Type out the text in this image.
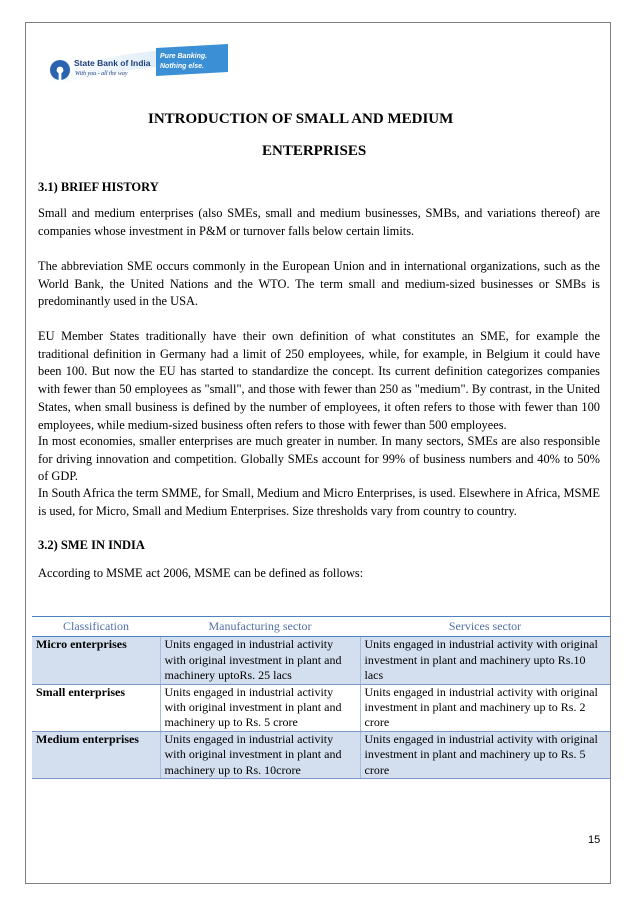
State Bank of India
With you - all the way
Pure Banking.
Nothing else.
INTRODUCTION OF SMALL AND MEDIUM
ENTERPRISES
3.1) BRIEF HISTORY

Small and medium enterprises (also SMEs, small and medium businesses, SMBs, and variations thereof) are companies whose investment in P&M or turnover falls below certain limits.

The abbreviation SME occurs commonly in the European Union and in international organizations, such as the World Bank, the United Nations and the WTO. The term small and medium-sized businesses or SMBs is predominantly used in the USA.

EU Member States traditionally have their own definition of what constitutes an SME, for example the traditional definition in Germany had a limit of 250 employees, while, for example, in Belgium it could have been 100. But now the EU has started to standardize the concept. Its current definition categorizes companies with fewer than 50 employees as "small", and those with fewer than 250 as "medium". By contrast, in the United States, when small business is defined by the number of employees, it often refers to those with fewer than 100 employees, while medium-sized business often refers to those with fewer than 500 employees.

In most economies, smaller enterprises are much greater in number. In many sectors, SMEs are also responsible for driving innovation and competition. Globally SMEs account for 99% of business numbers and 40% to 50% of GDP.

In South Africa the term SMME, for Small, Medium and Micro Enterprises, is used. Elsewhere in Africa, MSME is used, for Micro, Small and Medium Enterprises. Size thresholds vary from country to country.

3.2) SME IN INDIA

According to MSME act 2006, MSME can be defined as follows:

Classification	Manufacturing sector	Services sector
Micro enterprises	Units engaged in industrial activity with original investment in plant and machinery uptoRs. 25 lacs	Units engaged in industrial activity with original investment in plant and machinery upto Rs.10 lacs
Small enterprises	Units engaged in industrial activity with original investment in plant and machinery up to Rs. 5 crore	Units engaged in industrial activity with original investment in plant and machinery up to Rs. 2 crore
Medium enterprises	Units engaged in industrial activity with original investment in plant and machinery up to Rs. 10crore	Units engaged in industrial activity with original investment in plant and machinery up to Rs. 5 crore
15
